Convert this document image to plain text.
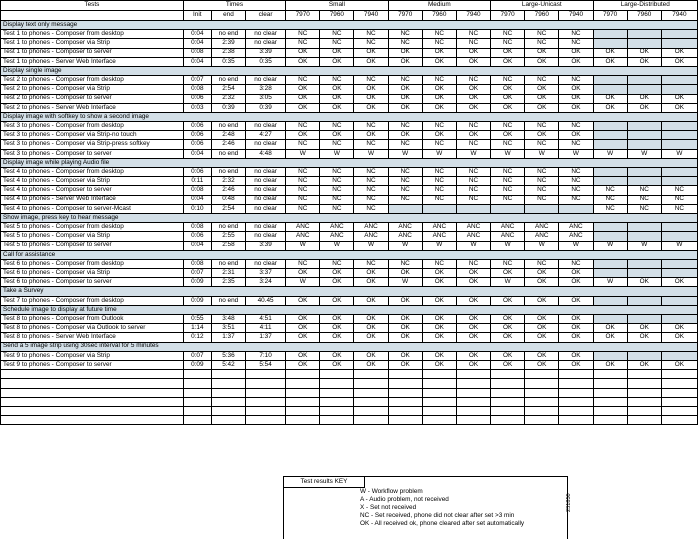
Tests	Times			Small			Medium			Large-Unicast			Large-Distributed		
	Init	end	clear	7970	7960	7940	7970	7960	7940	7970	7960	7940	7970	7960	7940
Display text only message															
Test 1 to phones - Composer from desktop	0:04	no end	no clear	NC	NC	NC	NC	NC	NC	NC	NC	NC			
Test 1 to phones - Composer via Strip	0:04	2:39	no clear	NC	NC	NC	NC	NC	NC	NC	NC	NC			
Test 1 to phones - Composer to server	0:08	2:38	3:39	OK	OK	OK	OK	OK	OK	OK	OK	OK	OK	OK	OK
Test 1 to phones - Server Web Interface	0:04	0:35	0:35	OK	OK	OK	OK	OK	OK	OK	OK	OK	OK	OK	OK
Display single image															
Test 2 to phones - Composer from desktop	0:07	no end	no clear	NC	NC	NC	NC	NC	NC	NC	NC	NC			
Test 2 to phones - Composer via Strip	0:08	2:54	3:28	OK	OK	OK	OK	OK	OK	OK	OK	OK			
Test 2 to phones - Composer to server	0:06	2:32	3:05	OK	OK	OK	OK	OK	OK	OK	OK	OK	OK	OK	OK
Test 2 to phones - Server Web Interface	0:03	0:39	0:39	OK	OK	OK	OK	OK	OK	OK	OK	OK	OK	OK	OK
Display image with softkey to show a second image															
Test 3 to phones - Composer from desktop	0:06	no end	no clear	NC	NC	NC	NC	NC	NC	NC	NC	NC			
Test 3 to phones - Composer via Strip-no touch	0:06	2:48	4:27	OK	OK	OK	OK	OK	OK	OK	OK	OK			
Test 3 to phones - Composer via Strip-press softkey	0:06	2:46	no clear	NC	NC	NC	NC	NC	NC	NC	NC	NC			
Test 3 to phones - Composer to server	0:04	no end	4:48	W	W	W	W	W	W	W	W	W	W	W	W
Display image while playing Audio file															
Test 4 to phones - Composer from desktop	0:06	no end	no clear	NC	NC	NC	NC	NC	NC	NC	NC	NC			
Test 4 to phones - Composer via Strip	0:11	2:32	no clear	NC	NC	NC	NC	NC	NC	NC	NC	NC			
Test 4 to phones - Composer to server	0:08	2:46	no clear	NC	NC	NC	NC	NC	NC	NC	NC	NC	NC	NC	NC
Test 4 to phones - Server Web Interface	0:04	0:48	no clear	NC	NC	NC	NC	NC	NC	NC	NC	NC	NC	NC	NC
Test 4 to phones - Composer to server-Mcast	0:10	2:54	no clear	NC	NC	NC							NC	NC	NC
Show image, press key to hear message															
Test 5 to phones - Composer from desktop	0:08	no end	no clear	ANC	ANC	ANC	ANC	ANC	ANC	ANC	ANC	ANC			
Test 5 to phones - Composer via Strip	0:06	2:55	no clear	ANC	ANC	ANC	ANC	ANC	ANC	ANC	ANC	ANC			
Test 5 to phones - Composer to server	0:04	2:58	3:39	W	W	W	W	W	W	W	W	W	W	W	W
Call for assistance															
Test 6 to phones - Composer from desktop	0:08	no end	no clear	NC	NC	NC	NC	NC	NC	NC	NC	NC			
Test 6 to phones - Composer via Strip	0:07	2:31	3:37	OK	OK	OK	OK	OK	OK	OK	OK	OK			
Test 6 to phones - Composer to server	0:09	2:35	3:24	W	OK	OK	W	OK	OK	W	OK	OK	W	OK	OK
Take a Survey															
Test 7 to phones - Composer from desktop	0:09	no end	40.45	OK	OK	OK	OK	OK	OK	OK	OK	OK			
Schedule image to display at future time															
Test 8 to phones - Composer from Outlook	0:55	3:48	4:51	OK	OK	OK	OK	OK	OK	OK	OK	OK			
Test 8 to phones - Composer via Outlook to server	1:14	3:51	4:11	OK	OK	OK	OK	OK	OK	OK	OK	OK	OK	OK	OK
Test 8 to phones - Server Web Interface	0:12	1:37	1:37	OK	OK	OK	OK	OK	OK	OK	OK	OK	OK	OK	OK
Send a 5 image strip using 30sec interval for 5 minutes															
Test 9 to phones - Composer via Strip	0:07	5:36	7:10	OK	OK	OK	OK	OK	OK	OK	OK	OK			
Test 9 to phones - Composer to server	0:09	5:42	5:54	OK	OK	OK	OK	OK	OK	OK	OK	OK	OK	OK	OK

Test results KEY
W - Workflow problem
A - Audio problem, not received
X - Set not received
NC - Set received, phone did not clear after set >3 min
OK - All received ok, phone cleared after set automatically
231850
